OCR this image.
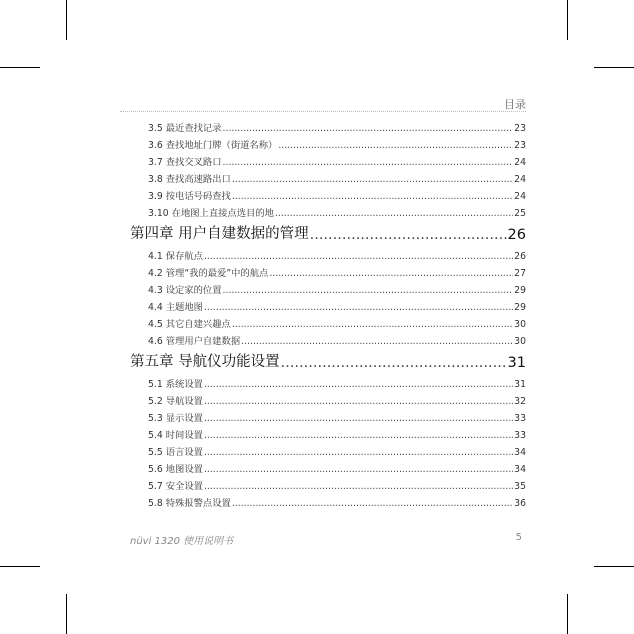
目录
3.5 最近查找记录 .....	23
3.6 查找地址门牌（街道名称） .....	23
3.7 查找交叉路口 .....	24
3.8 查找高速路出口 .....	24
3.9 按电话号码查找 .....	24
3.10 在地图上直接点选目的地 .....	25
第四章 用户自建数据的管理 .....	26
4.1 保存航点 .....	26
4.2 管理“我的最爱”中的航点 .....	27
4.3 设定家的位置 .....	29
4.4 主题地图 .....	29
4.5 其它自建兴趣点 .....	30
4.6 管理用户自建数据 .....	30
第五章 导航仪功能设置 .....	31
5.1 系统设置 .....	31
5.2 导航设置 .....	32
5.3 显示设置 .....	33
5.4 时间设置 .....	33
5.5 语言设置 .....	34
5.6 地图设置 .....	34
5.7 安全设置 .....	35
5.8 特殊报警点设置 .....	36
nüvi 1320 使用说明书	5
